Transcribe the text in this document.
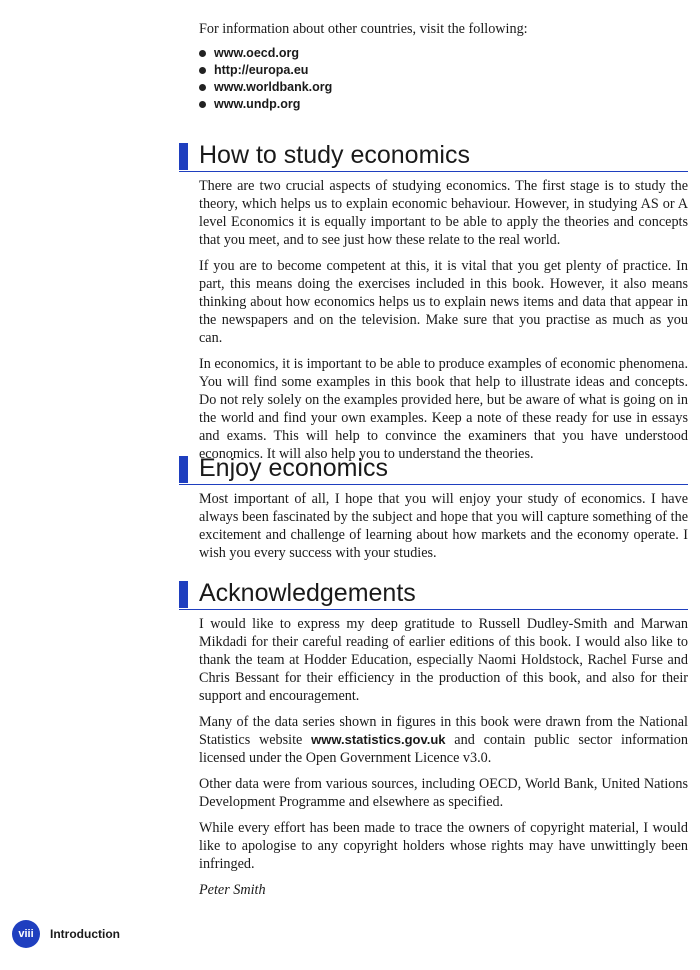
For information about other countries, visit the following:

www.oecd.org
http://europa.eu
www.worldbank.org
www.undp.org
How to study economics

There are two crucial aspects of studying economics. The first stage is to study the theory, which helps us to explain economic behaviour. However, in studying AS or A level Economics it is equally important to be able to apply the theories and concepts that you meet, and to see just how these relate to the real world.

If you are to become competent at this, it is vital that you get plenty of practice. In part, this means doing the exercises included in this book. However, it also means thinking about how economics helps us to explain news items and data that appear in the newspapers and on the television. Make sure that you practise as much as you can.

In economics, it is important to be able to produce examples of economic phenomena. You will find some examples in this book that help to illustrate ideas and concepts. Do not rely solely on the examples provided here, but be aware of what is going on in the world and find your own examples. Keep a note of these ready for use in essays and exams. This will help to convince the examiners that you have understood economics. It will also help you to understand the theories.

Enjoy economics

Most important of all, I hope that you will enjoy your study of economics. I have always been fascinated by the subject and hope that you will capture something of the excitement and challenge of learning about how markets and the economy operate. I wish you every success with your studies.

Acknowledgements

I would like to express my deep gratitude to Russell Dudley-Smith and Marwan Mikdadi for their careful reading of earlier editions of this book. I would also like to thank the team at Hodder Education, especially Naomi Holdstock, Rachel Furse and Chris Bessant for their efficiency in the production of this book, and also for their support and encouragement.

Many of the data series shown in figures in this book were drawn from the National Statistics website www.statistics.gov.uk and contain public sector information licensed under the Open Government Licence v3.0.

Other data were from various sources, including OECD, World Bank, United Nations Development Programme and elsewhere as specified.

While every effort has been made to trace the owners of copyright material, I would like to apologise to any copyright holders whose rights may have unwittingly been infringed.

Peter Smith

viii	Introduction
